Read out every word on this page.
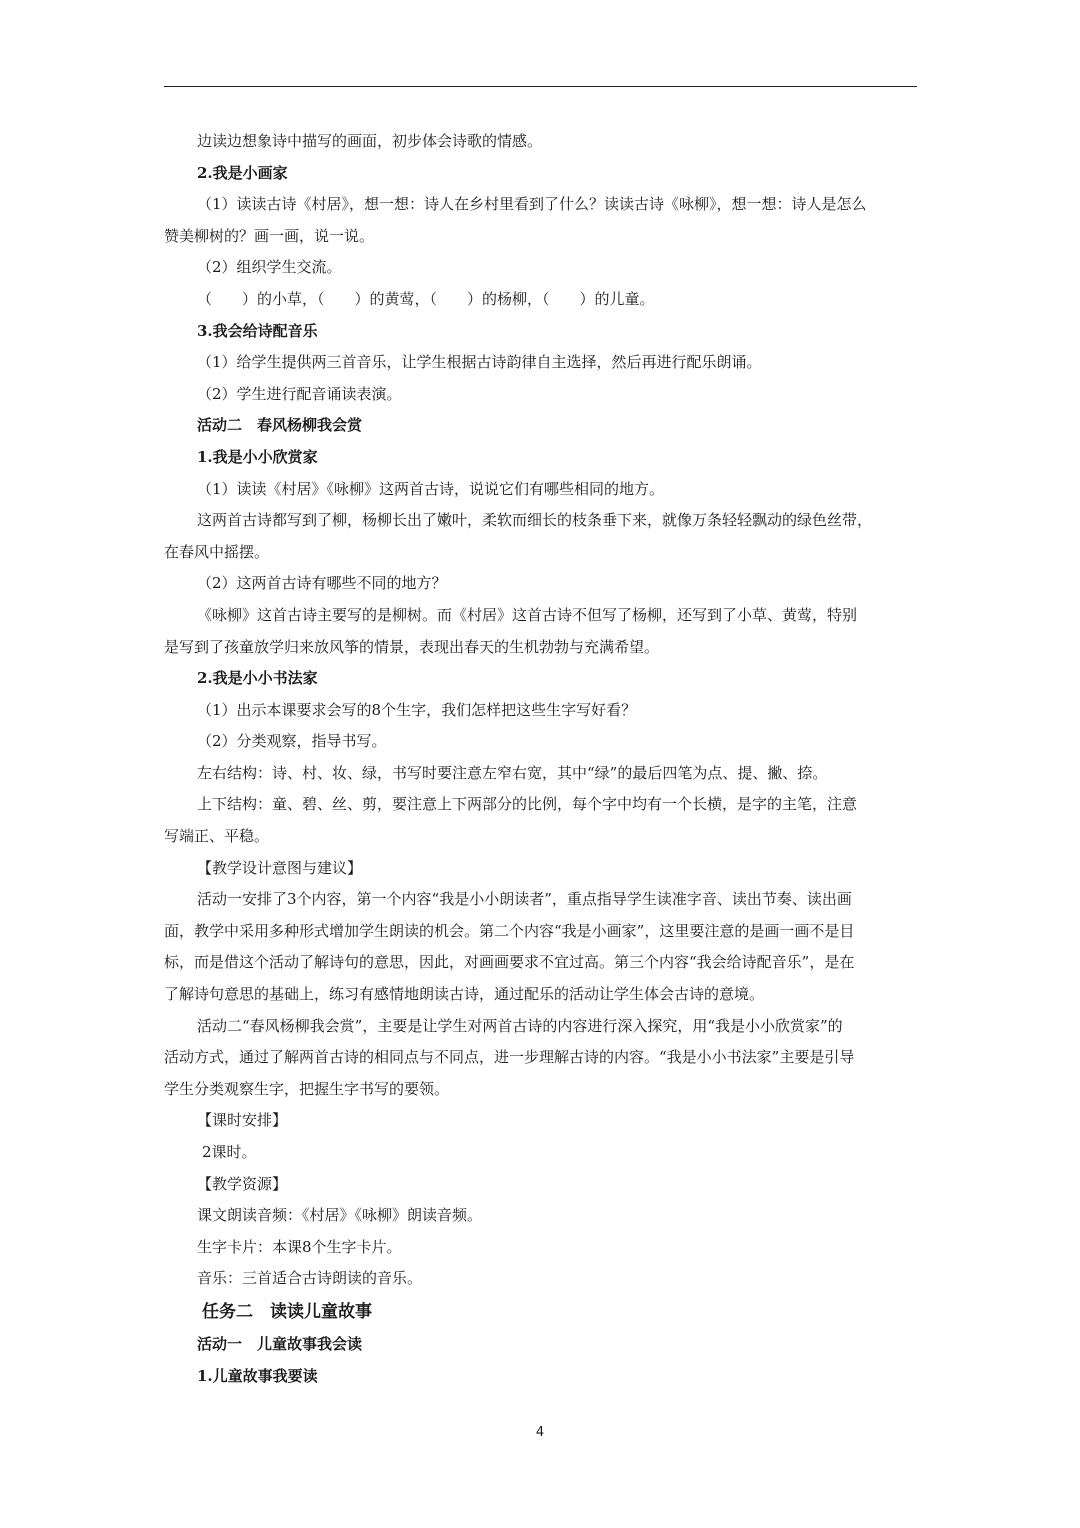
边读边想象诗中描写的画面，初步体会诗歌的情感。
2.我是小画家
（1）读读古诗《村居》，想一想：诗人在乡村里看到了什么？读读古诗《咏柳》，想一想：诗人是怎么
赞美柳树的？画一画，说一说。
（2）组织学生交流。
（　　）的小草，（　　）的黄莺，（　　）的杨柳，（　　）的儿童。
3.我会给诗配音乐
（1）给学生提供两三首音乐，让学生根据古诗韵律自主选择，然后再进行配乐朗诵。
（2）学生进行配音诵读表演。
活动二　春风杨柳我会赏
1.我是小小欣赏家
（1）读读《村居》《咏柳》这两首古诗，说说它们有哪些相同的地方。
这两首古诗都写到了柳，杨柳长出了嫩叶，柔软而细长的枝条垂下来，就像万条轻轻飘动的绿色丝带，
在春风中摇摆。
（2）这两首古诗有哪些不同的地方？
《咏柳》这首古诗主要写的是柳树。而《村居》这首古诗不但写了杨柳，还写到了小草、黄莺，特别
是写到了孩童放学归来放风筝的情景，表现出春天的生机勃勃与充满希望。
2.我是小小书法家
（1）出示本课要求会写的8个生字，我们怎样把这些生字写好看？
（2）分类观察，指导书写。
左右结构：诗、村、妆、绿，书写时要注意左窄右宽，其中“绿”的最后四笔为点、提、撇、捺。
上下结构：童、碧、丝、剪，要注意上下两部分的比例，每个字中均有一个长横，是字的主笔，注意
写端正、平稳。
【教学设计意图与建议】
活动一安排了3个内容，第一个内容“我是小小朗读者”，重点指导学生读准字音、读出节奏、读出画
面，教学中采用多种形式增加学生朗读的机会。第二个内容“我是小画家”，这里要注意的是画一画不是目
标，而是借这个活动了解诗句的意思，因此，对画画要求不宜过高。第三个内容“我会给诗配音乐”，是在
了解诗句意思的基础上，练习有感情地朗读古诗，通过配乐的活动让学生体会古诗的意境。
活动二“春风杨柳我会赏”，主要是让学生对两首古诗的内容进行深入探究，用“我是小小欣赏家”的
活动方式，通过了解两首古诗的相同点与不同点，进一步理解古诗的内容。“我是小小书法家”主要是引导
学生分类观察生字，把握生字书写的要领。
【课时安排】
2课时。
【教学资源】
课文朗读音频：《村居》《咏柳》朗读音频。
生字卡片：本课8个生字卡片。
音乐：三首适合古诗朗读的音乐。
任务二　读读儿童故事
活动一　儿童故事我会读
1.儿童故事我要读
4
